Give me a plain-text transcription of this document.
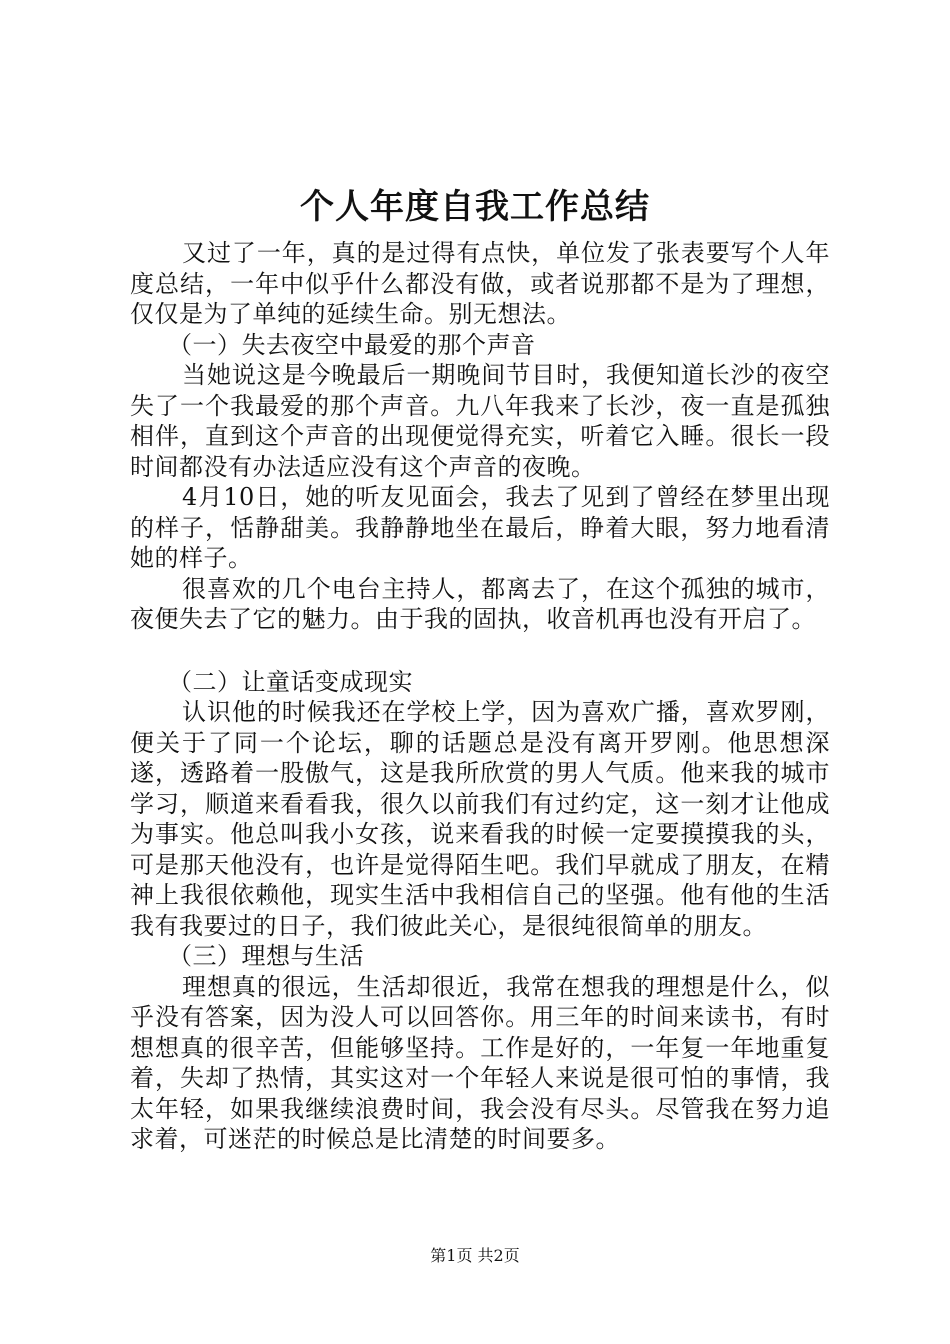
个人年度自我工作总结

又过了一年，真的是过得有点快，单位发了张表要写个人年度总结，一年中似乎什么都没有做，或者说那都不是为了理想，仅仅是为了单纯的延续生命。别无想法。

（一）失去夜空中最爱的那个声音

当她说这是今晚最后一期晚间节目时，我便知道长沙的夜空失了一个我最爱的那个声音。九八年我来了长沙，夜一直是孤独相伴，直到这个声音的出现便觉得充实，听着它入睡。很长一段时间都没有办法适应没有这个声音的夜晚。

4月10日，她的听友见面会，我去了见到了曾经在梦里出现的样子，恬静甜美。我静静地坐在最后，睁着大眼，努力地看清她的样子。

很喜欢的几个电台主持人，都离去了，在这个孤独的城市，夜便失去了它的魅力。由于我的固执，收音机再也没有开启了。

（二）让童话变成现实

认识他的时候我还在学校上学，因为喜欢广播，喜欢罗刚，便关于了同一个论坛，聊的话题总是没有离开罗刚。他思想深遂，透路着一股傲气，这是我所欣赏的男人气质。他来我的城市学习，顺道来看看我，很久以前我们有过约定，这一刻才让他成为事实。他总叫我小女孩，说来看我的时候一定要摸摸我的头，可是那天他没有，也许是觉得陌生吧。我们早就成了朋友，在精神上我很依赖他，现实生活中我相信自己的坚强。他有他的生活我有我要过的日子，我们彼此关心，是很纯很简单的朋友。

（三）理想与生活

理想真的很远，生活却很近，我常在想我的理想是什么，似乎没有答案，因为没人可以回答你。用三年的时间来读书，有时想想真的很辛苦，但能够坚持。工作是好的，一年复一年地重复着，失却了热情，其实这对一个年轻人来说是很可怕的事情，我太年轻，如果我继续浪费时间，我会没有尽头。尽管我在努力追求着，可迷茫的时候总是比清楚的时间要多。

第1页 共2页
